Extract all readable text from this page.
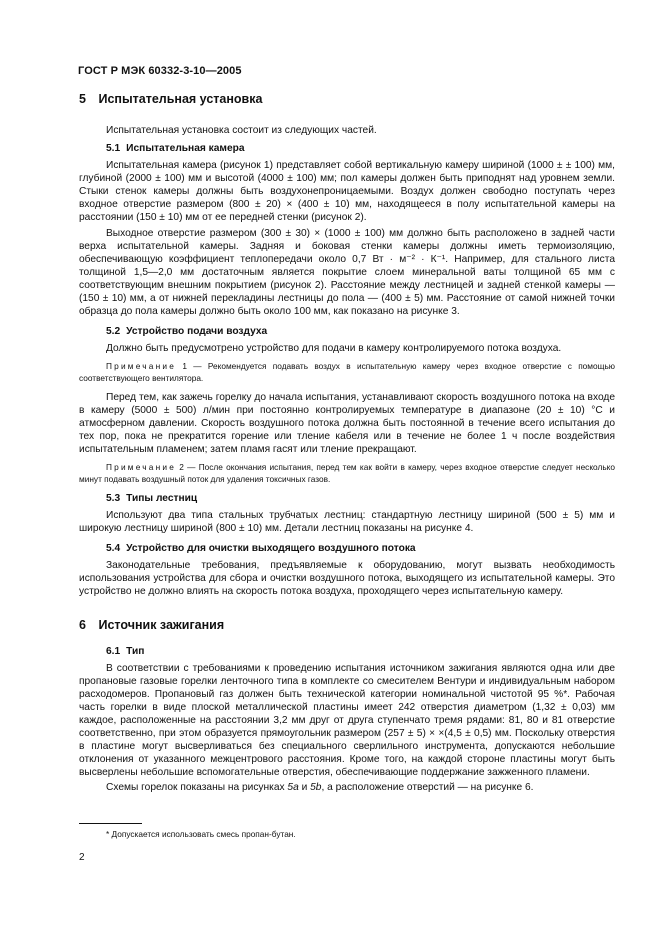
ГОСТ Р МЭК 60332-3-10—2005
5 Испытательная установка

Испытательная установка состоит из следующих частей.

5.1 Испытательная камера

Испытательная камера (рисунок 1) представляет собой вертикальную камеру шириной (1000 ± ± 100) мм, глубиной (2000 ± 100) мм и высотой (4000 ± 100) мм; пол камеры должен быть приподнят над уровнем земли. Стыки стенок камеры должны быть воздухонепроницаемыми. Воздух должен свободно поступать через входное отверстие размером (800 ± 20) × (400 ± 10) мм, находящееся в полу испытательной камеры на расстоянии (150 ± 10) мм от ее передней стенки (рисунок 2).

Выходное отверстие размером (300 ± 30) × (1000 ± 100) мм должно быть расположено в задней части верха испытательной камеры. Задняя и боковая стенки камеры должны иметь термоизоляцию, обеспечивающую коэффициент теплопередачи около 0,7 Вт · м⁻² · К⁻¹. Например, для стального листа толщиной 1,5—2,0 мм достаточным является покрытие слоем минеральной ваты толщиной 65 мм с соответствующим внешним покрытием (рисунок 2). Расстояние между лестницей и задней стенкой камеры — (150 ± 10) мм, а от нижней перекладины лестницы до пола — (400 ± 5) мм. Расстояние от самой нижней точки образца до пола камеры должно быть около 100 мм, как показано на рисунке 3.

5.2 Устройство подачи воздуха

Должно быть предусмотрено устройство для подачи в камеру контролируемого потока воздуха.

Примечание 1 — Рекомендуется подавать воздух в испытательную камеру через входное отверстие с помощью соответствующего вентилятора.

Перед тем, как зажечь горелку до начала испытания, устанавливают скорость воздушного потока на входе в камеру (5000 ± 500) л/мин при постоянно контролируемых температуре в диапазоне (20 ± 10) °С и атмосферном давлении. Скорость воздушного потока должна быть постоянной в течение всего испытания до тех пор, пока не прекратится горение или тление кабеля или в течение не более 1 ч после воздействия испытательным пламенем; затем пламя гасят или тление прекращают.

Примечание 2 — После окончания испытания, перед тем как войти в камеру, через входное отверстие следует несколько минут подавать воздушный поток для удаления токсичных газов.

5.3 Типы лестниц

Используют два типа стальных трубчатых лестниц: стандартную лестницу шириной (500 ± 5) мм и широкую лестницу шириной (800 ± 10) мм. Детали лестниц показаны на рисунке 4.

5.4 Устройство для очистки выходящего воздушного потока

Законодательные требования, предъявляемые к оборудованию, могут вызвать необходимость использования устройства для сбора и очистки воздушного потока, выходящего из испытательной камеры. Это устройство не должно влиять на скорость потока воздуха, проходящего через испытательную камеру.

6 Источник зажигания
6.1 Тип

В соответствии с требованиями к проведению испытания источником зажигания являются одна или две пропановые газовые горелки ленточного типа в комплекте со смесителем Вентури и индивидуальным набором расходомеров. Пропановый газ должен быть технической категории номинальной чистотой 95 %*. Рабочая часть горелки в виде плоской металлической пластины имеет 242 отверстия диаметром (1,32 ± 0,03) мм каждое, расположенные на расстоянии 3,2 мм друг от друга ступенчато тремя рядами: 81, 80 и 81 отверстие соответственно, при этом образуется прямоугольник размером (257 ± 5) × ×(4,5 ± 0,5) мм. Поскольку отверстия в пластине могут высверливаться без специального сверлильного инструмента, допускаются небольшие отклонения от указанного межцентрового расстояния. Кроме того, на каждой стороне пластины могут быть высверлены небольшие вспомогательные отверстия, обеспечивающие поддержание зажженного пламени.

Схемы горелок показаны на рисунках 5а и 5b, а расположение отверстий — на рисунке 6.

* Допускается использовать смесь пропан-бутан.
2
